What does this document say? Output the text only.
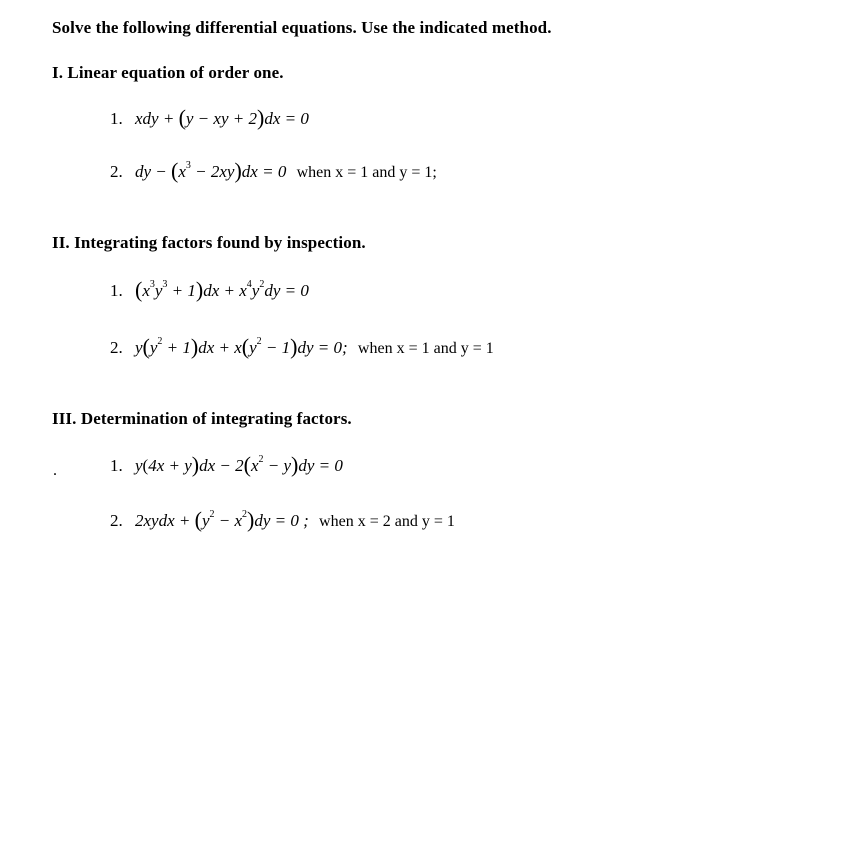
Solve the following differential equations. Use the indicated method.
I. Linear equation of order one.
1. xdy + (y − xy + 2)dx = 0
2. dy − $(x^3 - 2xy)dx = 0$ when x = 1 and y = 1;
II. Integrating factors found by inspection.
1. $(x^3y^3 + 1)dx + x^4y^2dy = 0$
2. $y(y^2 + 1)dx + x(y^2 - 1)dy = 0$; when x = 1 and y = 1
III. Determination of integrating factors.
.	1. $y(4x + y)dx - 2(x^2 - y)dy = 0$
2. 2xydx + $(y^2 - x^2)dy = 0$ ; when x = 2 and y = 1
